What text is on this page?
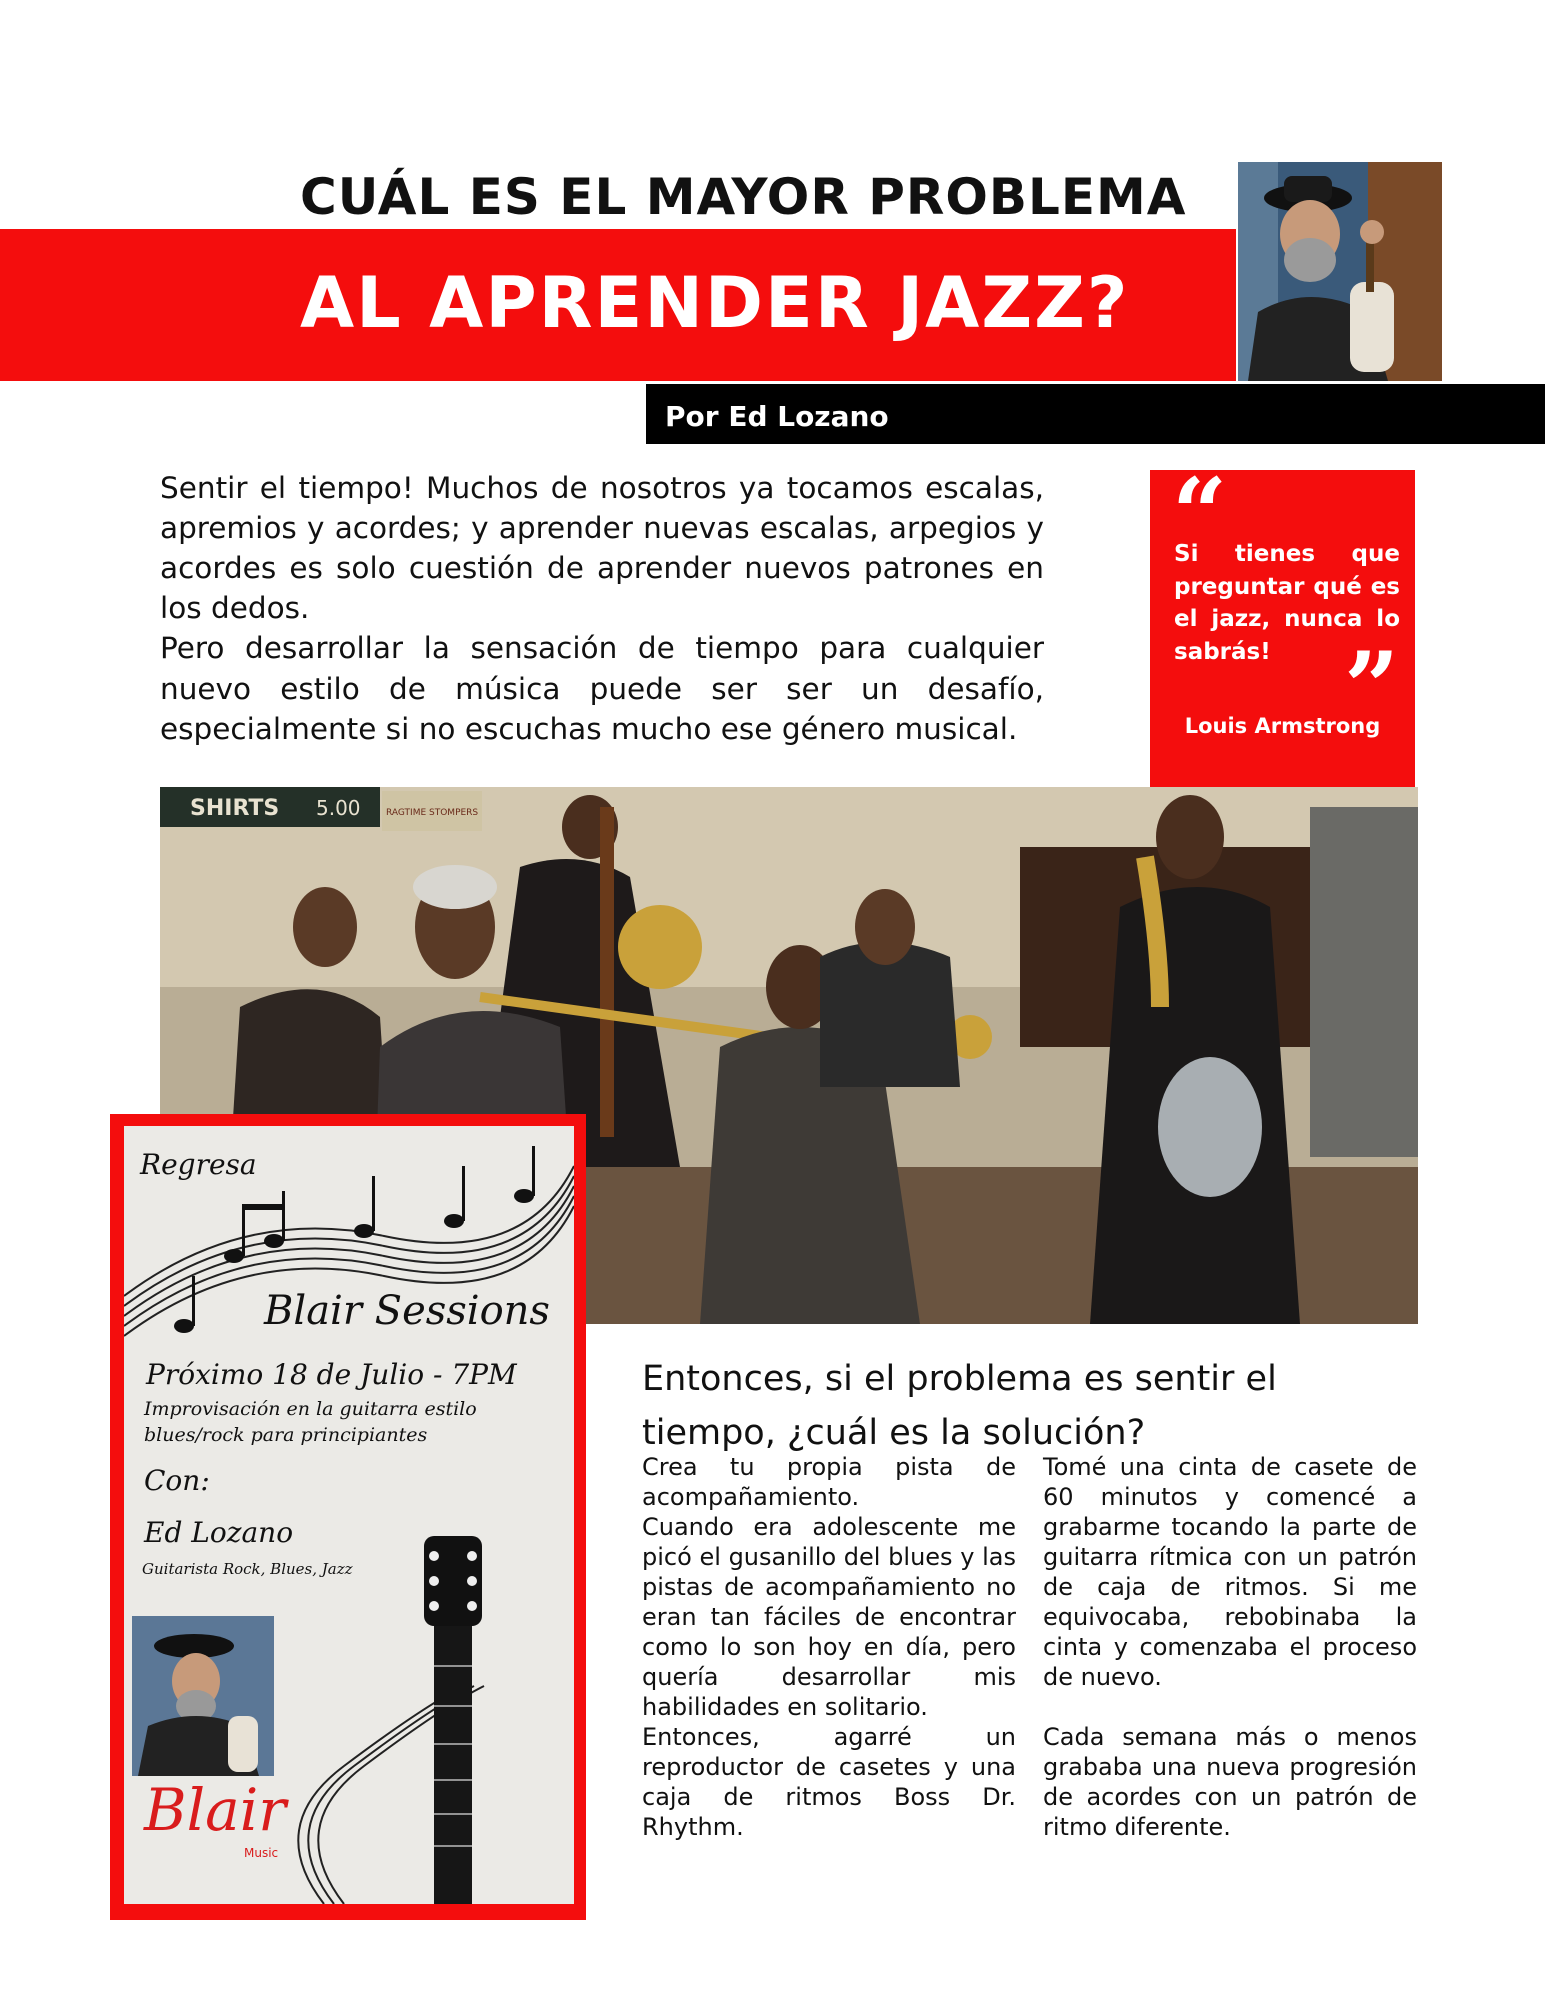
CUÁL ES EL MAYOR PROBLEMA
AL APRENDER JAZZ?
Por Ed Lozano

Sentir el tiempo! Muchos de nosotros ya tocamos escalas, apremios y acordes; y aprender nuevas escalas, arpegios y acordes es solo cuestión de aprender nuevos patrones en los dedos.

Pero desarrollar la sensación de tiempo para cualquier nuevo estilo de música puede ser ser un desafío, especialmente si no escuchas mucho ese género musical.

“
Si tienes que preguntar qué es el jazz, nunca lo sabrás! ”
Louis Armstrong
SHIRTS 5.00	RAGTIME STOMPERS
Regresa
Blair Sessions
Próximo 18 de Julio - 7PM
Improvisación en la guitarra estilo
blues/rock para principiantes
Con:
Ed Lozano
Guitarista Rock, Blues, Jazz
Blair
Music
Entonces, si el problema es sentir el tiempo, ¿cuál es la solución?

Crea tu propia pista de acompañamiento.

Cuando era adolescente me picó el gusanillo del blues y las pistas de acompañamiento no eran tan fáciles de encontrar como lo son hoy en día, pero quería desarrollar mis habilidades en solitario.

Entonces, agarré un reproductor de casetes y una caja de ritmos Boss Dr. Rhythm.

Tomé una cinta de casete de 60 minutos y comencé a grabarme tocando la parte de guitarra rítmica con un patrón de caja de ritmos. Si me equivocaba, rebobinaba la cinta y comenzaba el proceso de nuevo.

Cada semana más o menos grababa una nueva progresión de acordes con un patrón de ritmo diferente.
